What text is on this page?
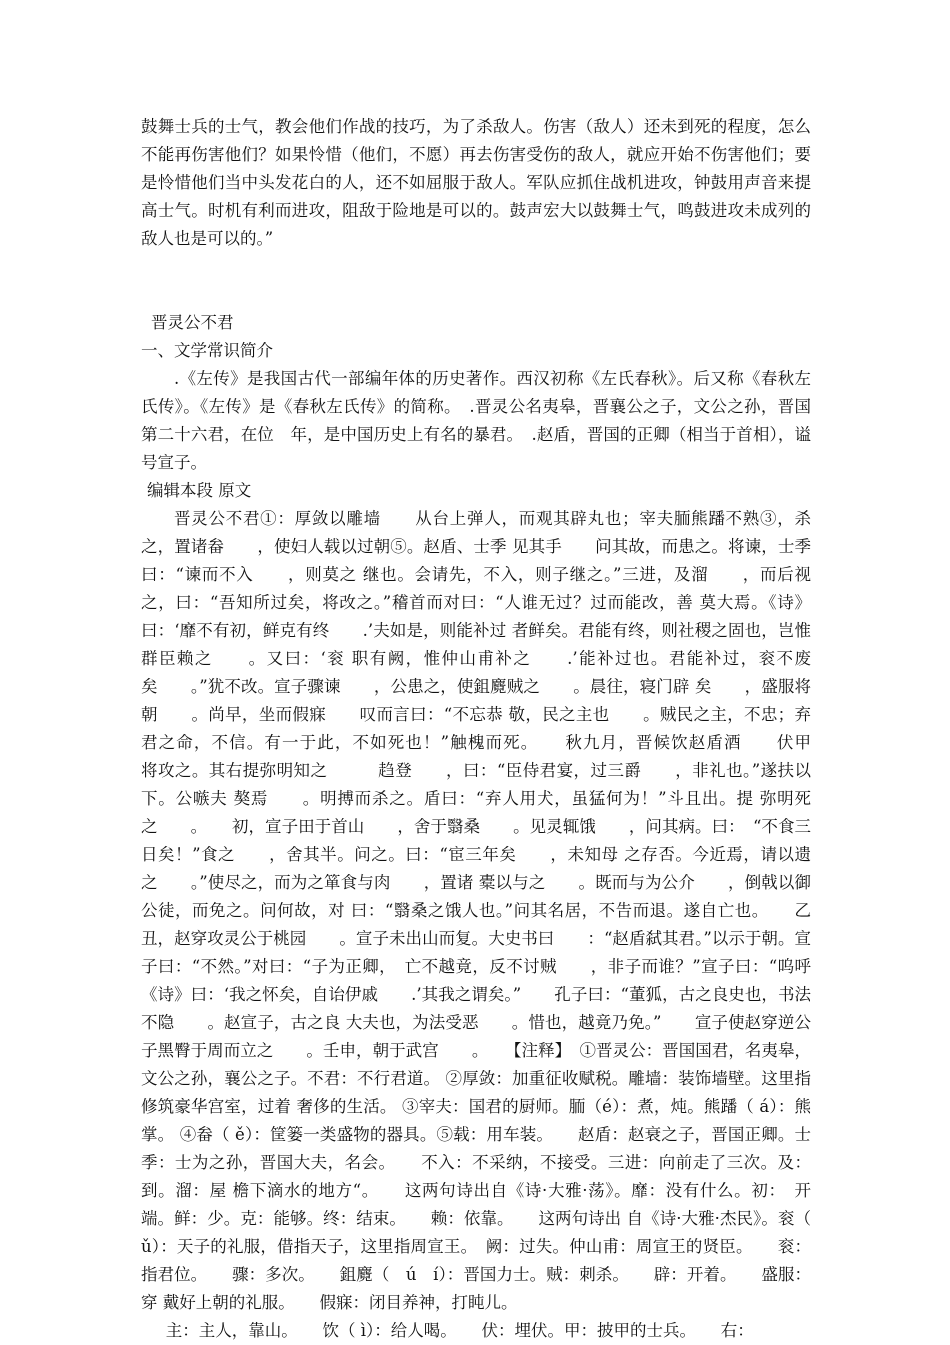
鼓舞士兵的士气，教会他们作战的技巧，为了杀敌人。伤害（敌人）还未到死的程度，怎么不能再伤害他们？如果怜惜（他们，不愿）再去伤害受伤的敌人，就应开始不伤害他们；要是怜惜他们当中头发花白的人，还不如屈服于敌人。军队应抓住战机进攻，钟鼓用声音来提高士气。时机有利而进攻，阻敌于险地是可以的。鼓声宏大以鼓舞士气，鸣鼓进攻未成列的敌人也是可以的。”

晋灵公不君

一、文学常识简介

.《左传》是我国古代一部编年体的历史著作。西汉初称《左氏春秋》。后又称《春秋左氏传》。《左传》是《春秋左氏传》的简称。　.晋灵公名夷皋，晋襄公之子，文公之孙，晋国第二十六君，在位　年，是中国历史上有名的暴君。　.赵盾，晋国的正卿（相当于首相），谥号宣子。

编辑本段 原文

晋灵公不君①：厚敛以雕墙　　从台上弹人，而观其辟丸也；宰夫胹熊蹯不熟③，杀之，置诸畚　　，使妇人载以过朝⑤。赵盾、士季 见其手　　问其故，而患之。将谏，士季曰：“谏而不入　　，则莫之 继也。会请先，不入，则子继之。”三进，及溜　　，而后视之，曰：“吾知所过矣，将改之。”稽首而对曰：“人谁无过？过而能改，善 莫大焉。《诗》曰：‘靡不有初，鲜克有终　　.’夫如是，则能补过 者鲜矣。君能有终，则社稷之固也，岂惟群臣赖之　　。又曰：‘衮 职有阙，惟仲山甫补之　　.’能补过也。君能补过，衮不废矣　　。”犹不改。宣子骤谏　　，公患之，使鉏麑贼之　　。晨往，寝门辟 矣　　，盛服将朝　　。尚早，坐而假寐　　叹而言曰：“不忘恭 敬，民之主也　　。贼民之主，不忠；弃君之命，不信。有一于此，不如死也！”触槐而死。　　秋九月，晋候饮赵盾酒　　伏甲　　将攻之。其右提弥明知之　　　趋登　　，曰：“臣侍君宴，过三爵　　，非礼也。”遂扶以下。公嗾夫 獒焉　　。明搏而杀之。盾曰：“弃人用犬，虽猛何为！”斗且出。提 弥明死之　　。　　初，宣子田于首山　　，舍于翳桑　　。见灵辄饿　　，问其病。曰：　“不食三日矣！”食之　　，舍其半。问之。曰：“宦三年矣　　，未知母 之存否。今近焉，请以遗之　　。”使尽之，而为之箪食与肉　　，置诸 橐以与之　　。既而与为公介　　，倒戟以御公徒，而免之。问何故，对 曰：“翳桑之饿人也。”问其名居，不告而退。遂自亡也。　　乙丑，赵穿攻灵公于桃园　　。宣子未出山而复。大史书曰　　：“赵盾弑其君。”以示于朝。宣子曰：“不然。”对曰：“子为正卿，　亡不越竟，反不讨贼　　，非子而谁？”宣子曰：“呜呼　　《诗》曰：‘我之怀矣，自诒伊戚　　.’其我之谓矣。”　　孔子曰：“董狐，古之良史也，书法不隐　　。赵宣子，古之良 大夫也，为法受恶　　。惜也，越竟乃免。”　　宣子使赵穿逆公子黑臀于周而立之　　。壬申，朝于武宫　　。　　【注释】　①晋灵公：晋国国君，名夷皋，文公之孙，襄公之子。不君：不行君道。 ②厚敛：加重征收赋税。雕墙：装饰墙壁。这里指修筑豪华宫室，过着 奢侈的生活。 ③宰夫：国君的厨师。胹（é）：煮，炖。熊蹯（ á）：熊 掌。 ④畚（ ě）：筐篓一类盛物的器具。⑤载：用车装。　　赵盾：赵衰之子，晋国正卿。士季：士为之孙，晋国大夫，名会。　　不入：不采纳，不接受。三进：向前走了三次。及：到。溜：屋 檐下滴水的地方“。　　这两句诗出自《诗·大雅·荡》。靡：没有什么。初：　开端。鲜：少。克：能够。终：结束。　　赖：依靠。　　这两句诗出 自《诗·大雅·杰民》。衮（ ǔ）：天子的礼服，借指天子，这里指周宣王。　阙：过失。仲山甫：周宣王的贤臣。　　衮：指君位。　　骤：多次。　　鉏麑（　ú　í）：晋国力士。贼：刺杀。　　辟：开着。　　盛服：穿 戴好上朝的礼服。　　假寐：闭目养神，打盹儿。

主：主人，靠山。　　饮（ ì）：给人喝。　　伏：埋伏。甲：披甲的士兵。　　右：
